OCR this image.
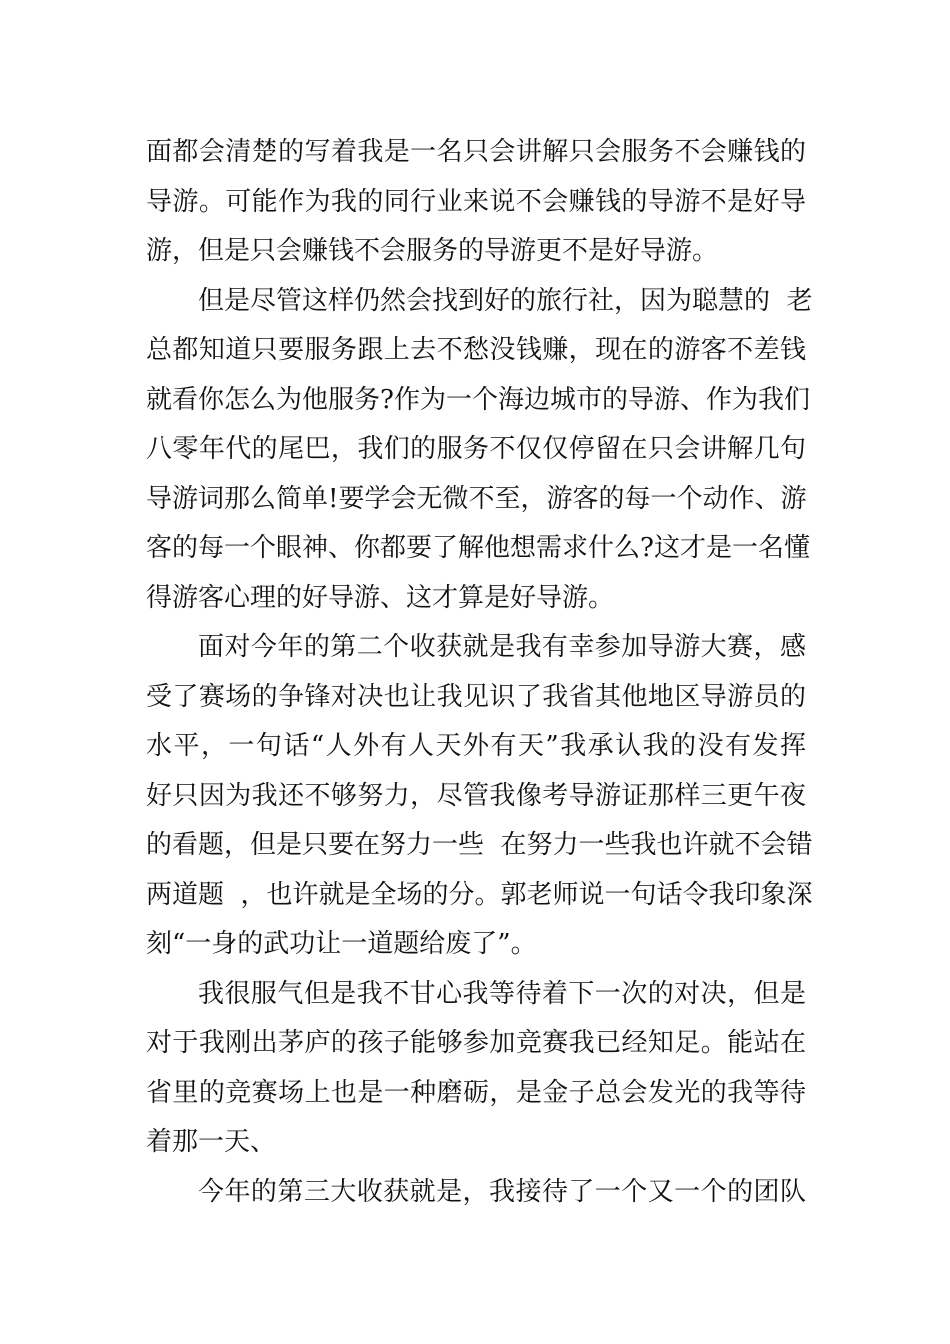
面都会清楚的写着我是一名只会讲解只会服务不会赚钱的
导游。可能作为我的同行业来说不会赚钱的导游不是好导
游，但是只会赚钱不会服务的导游更不是好导游。
但是尽管这样仍然会找到好的旅行社，因为聪慧的  老
总都知道只要服务跟上去不愁没钱赚，现在的游客不差钱
就看你怎么为他服务?作为一个海边城市的导游、作为我们
八零年代的尾巴，我们的服务不仅仅停留在只会讲解几句
导游词那么简单!要学会无微不至，游客的每一个动作、游
客的每一个眼神、你都要了解他想需求什么?这才是一名懂
得游客心理的好导游、这才算是好导游。
面对今年的第二个收获就是我有幸参加导游大赛，感
受了赛场的争锋对决也让我见识了我省其他地区导游员的
水平，一句话“人外有人天外有天”我承认我的没有发挥
好只因为我还不够努力，尽管我像考导游证那样三更午夜
的看题，但是只要在努力一些  在努力一些我也许就不会错
两道题  ，也许就是全场的分。郭老师说一句话令我印象深
刻“一身的武功让一道题给废了”。
我很服气但是我不甘心我等待着下一次的对决，但是
对于我刚出茅庐的孩子能够参加竞赛我已经知足。能站在
省里的竞赛场上也是一种磨砺，是金子总会发光的我等待
着那一天、
今年的第三大收获就是，我接待了一个又一个的团队
